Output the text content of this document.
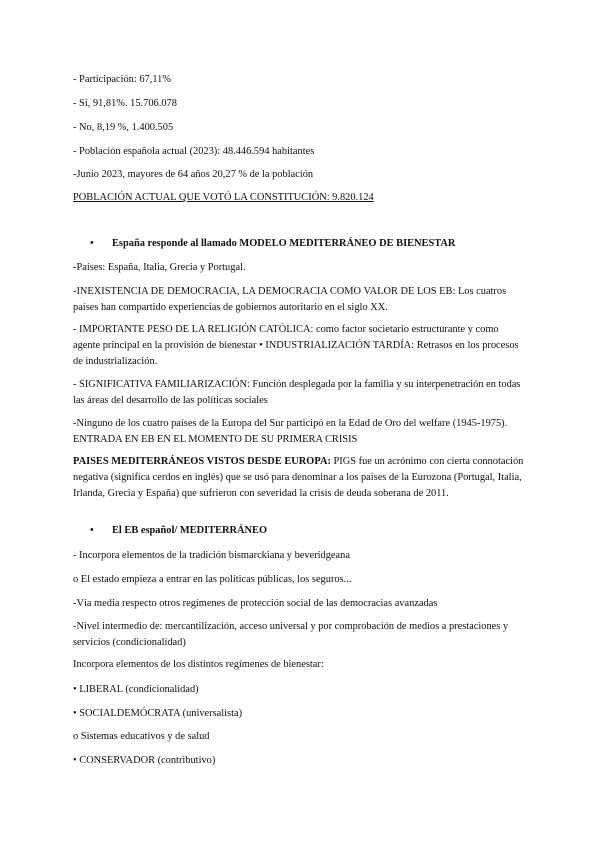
- Participación: 67,11%

- Si, 91,81%. 15.706.078

- No, 8,19 %, 1.400.505

- Población española actual (2023): 48.446.594 habitantes

-Junio 2023, mayores de 64 años 20,27 % de la población

POBLACIÓN ACTUAL QUE VOTÓ LA CONSTITUCIÓN: 9.820.124

• España responde al llamado MODELO MEDITERRÁNEO DE BIENESTAR

-Países: España, Italia, Grecia y Portugal.

-INEXISTENCIA DE DEMOCRACIA, LA DEMOCRACIA COMO VALOR DE LOS EB: Los cuatros países han compartido experiencias de gobiernos autoritario en el siglo XX.

- IMPORTANTE PESO DE LA RELIGIÓN CATÓLICA: como factor societario estructurante y como agente principal en la provisión de bienestar • INDUSTRIALIZACIÓN TARDÍA: Retrasos en los procesos de industrialización.

- SIGNIFICATIVA FAMILIARIZACIÓN: Función desplegada por la familia y su interpenetración en todas las áreas del desarrollo de las políticas sociales

-Ninguno de los cuatro países de la Europa del Sur participó en la Edad de Oro del welfare (1945-1975). ENTRADA EN EB EN EL MOMENTO DE SU PRIMERA CRISIS

PAISES MEDITERRÁNEOS VISTOS DESDE EUROPA: PIGS fue un acrónimo con cierta connotación negativa (significa cerdos en inglés) que se usó para denominar a los países de la Eurozona (Portugal, Italia, Irlanda, Grecia y España) que sufrieron con severidad la crisis de deuda soberana de 2011.

• El EB español/ MEDITERRÁNEO

- Incorpora elementos de la tradición bismarckiana y beveridgeana

o El estado empieza a entrar en las políticas públicas, los seguros...

-Vía media respecto otros regímenes de protección social de las democracias avanzadas

-Nivel intermedio de: mercantilización, acceso universal y por comprobación de medios a prestaciones y servicios (condicionalidad)

Incorpora elementos de los distintos regímenes de bienestar:

• LIBERAL (condicionalidad)

• SOCIALDEMÓCRATA (universalista)

o Sistemas educativos y de salud

• CONSERVADOR (contributivo)
